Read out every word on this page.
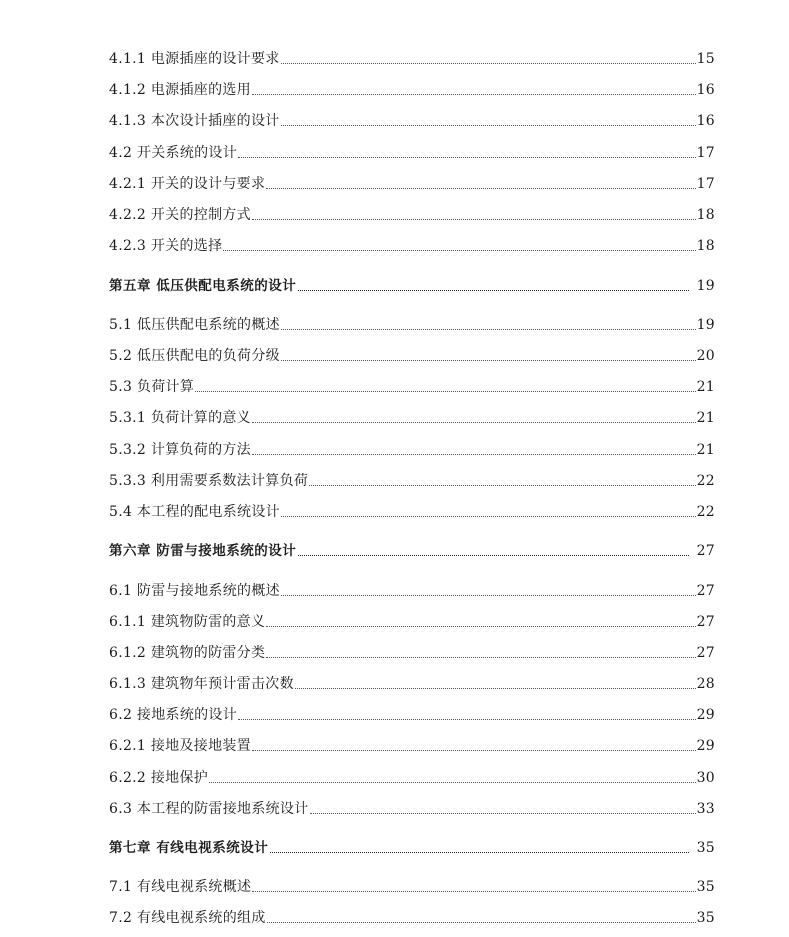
4.1.1 电源插座的设计要求	15
4.1.2 电源插座的选用	16
4.1.3 本次设计插座的设计	16
4.2 开关系统的设计	17
4.2.1 开关的设计与要求	17
4.2.2 开关的控制方式	18
4.2.3 开关的选择	18
第五章 低压供配电系统的设计	19
5.1 低压供配电系统的概述	19
5.2 低压供配电的负荷分级	20
5.3 负荷计算	21
5.3.1 负荷计算的意义	21
5.3.2 计算负荷的方法	21
5.3.3 利用需要系数法计算负荷	22
5.4 本工程的配电系统设计	22
第六章 防雷与接地系统的设计	27
6.1 防雷与接地系统的概述	27
6.1.1 建筑物防雷的意义	27
6.1.2 建筑物的防雷分类	27
6.1.3 建筑物年预计雷击次数	28
6.2 接地系统的设计	29
6.2.1 接地及接地装置	29
6.2.2 接地保护	30
6.3 本工程的防雷接地系统设计	33
第七章 有线电视系统设计	35
7.1 有线电视系统概述	35
7.2 有线电视系统的组成	35
